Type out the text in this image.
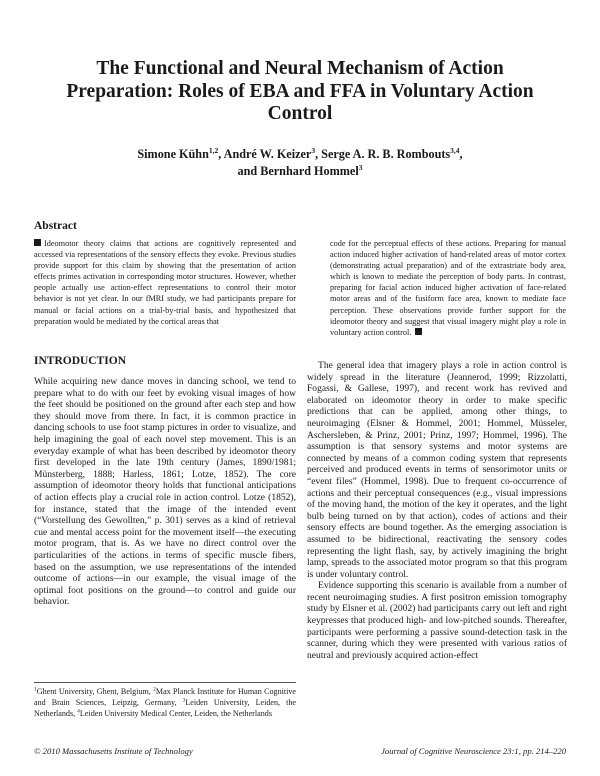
The Functional and Neural Mechanism of Action Preparation: Roles of EBA and FFA in Voluntary Action Control
Simone Kühn$^{1,2}$, André W. Keizer$^3$, Serge A. R. B. Rombouts$^{3,4}$,
and Bernhard Hommel$^3$
Abstract
Ideomotor theory claims that actions are cognitively represented and accessed via representations of the sensory effects they evoke. Previous studies provide support for this claim by showing that the presentation of action effects primes activation in corresponding motor structures. However, whether people actually use action-effect representations to control their motor behavior is not yet clear. In our fMRI study, we had participants prepare for manual or facial actions on a trial-by-trial basis, and hypothesized that preparation would be mediated by the cortical areas that
code for the perceptual effects of these actions. Preparing for manual action induced higher activation of hand-related areas of motor cortex (demonstrating actual preparation) and of the extrastriate body area, which is known to mediate the perception of body parts. In contrast, preparing for facial action induced higher activation of face-related motor areas and of the fusiform face area, known to mediate face perception. These observations provide further support for the ideomotor theory and suggest that visual imagery might play a role in voluntary action control.
INTRODUCTION

While acquiring new dance moves in dancing school, we tend to prepare what to do with our feet by evoking visual images of how the feet should be positioned on the ground after each step and how they should move from there. In fact, it is common practice in dancing schools to use foot stamp pictures in order to visualize, and help imagining the goal of each novel step movement. This is an everyday example of what has been described by ideomotor theory first developed in the late 19th century (James, 1890/1981; Münsterberg, 1888; Harless, 1861; Lotze, 1852). The core assumption of ideomotor theory holds that functional anticipations of action effects play a crucial role in action control. Lotze (1852), for instance, stated that the image of the intended event (“Vorstellung des Gewollten,” p. 301) serves as a kind of retrieval cue and mental access point for the movement itself—the executing motor program, that is. As we have no direct control over the particularities of the actions in terms of specific muscle fibers, based on the assumption, we use representations of the intended outcome of actions—in our example, the visual image of the optimal foot positions on the ground—to control and guide our behavior.

The general idea that imagery plays a role in action control is widely spread in the literature (Jeannerod, 1999; Rizzolatti, Fogassi, & Gallese, 1997), and recent work has revived and elaborated on ideomotor theory in order to make specific predictions that can be applied, among other things, to neuroimaging (Elsner & Hommel, 2001; Hommel, Müsseler, Aschersleben, & Prinz, 2001; Prinz, 1997; Hommel, 1996). The assumption is that sensory systems and motor systems are connected by means of a common coding system that represents perceived and produced events in terms of sensorimotor units or “event files” (Hommel, 1998). Due to frequent co-occurrence of actions and their perceptual consequences (e.g., visual impressions of the moving hand, the motion of the key it operates, and the light bulb being turned on by that action), codes of actions and their sensory effects are bound together. As the emerging association is assumed to be bidirectional, reactivating the sensory codes representing the light flash, say, by actively imagining the bright lamp, spreads to the associated motor program so that this program is under voluntary control.

Evidence supporting this scenario is available from a number of recent neuroimaging studies. A first positron emission tomography study by Elsner et al. (2002) had participants carry out left and right keypresses that produced high- and low-pitched sounds. Thereafter, participants were performing a passive sound-detection task in the scanner, during which they were presented with various ratios of neutral and previously acquired action-effect

$^1$Ghent University, Ghent, Belgium, $^2$Max Planck Institute for Human Cognitive and Brain Sciences, Leipzig, Germany, $^3$Leiden University, Leiden, the Netherlands, $^4$Leiden University Medical Center, Leiden, the Netherlands
© 2010 Massachusetts Institute of Technology	Journal of Cognitive Neuroscience 23:1, pp. 214–220
